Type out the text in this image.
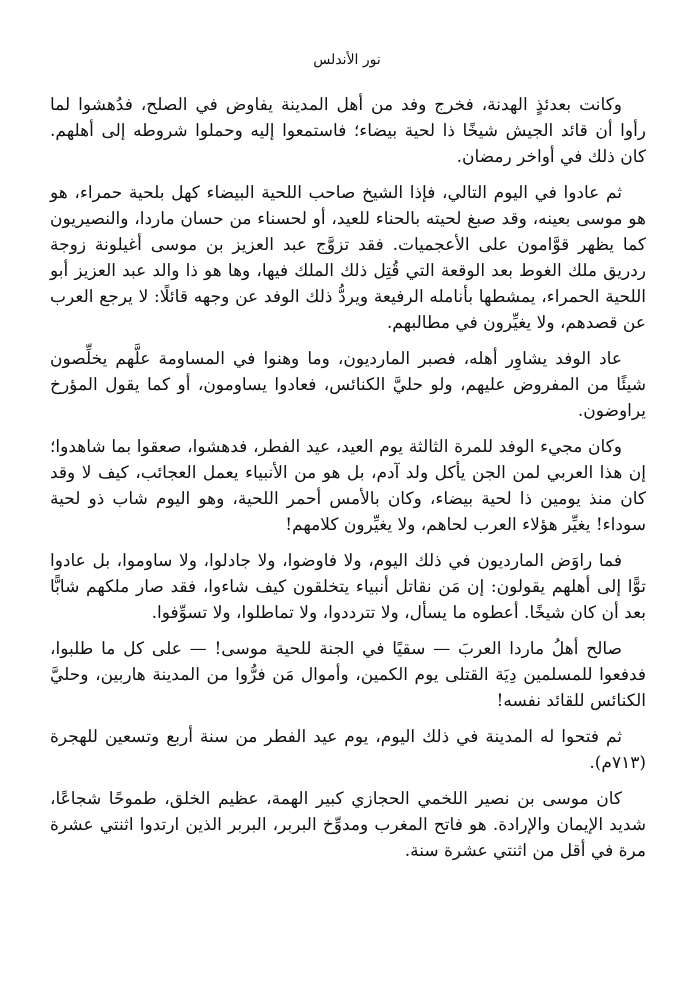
نور الأندلس

وكانت بعدئذٍ الهدنة، فخرج وفد من أهل المدينة يفاوض في الصلح، فدُهشوا لما رأوا أن قائد الجيش شيخًا ذا لحية بيضاء؛ فاستمعوا إليه وحملوا شروطه إلى أهلهم. كان ذلك في أواخر رمضان.

ثم عادوا في اليوم التالي، فإذا الشيخ صاحب اللحية البيضاء كهل بلحية حمراء، هو هو موسى بعينه، وقد صبغ لحيته بالحناء للعيد، أو لحسناء من حسان ماردا، والنصيريون كما يظهر قوَّامون على الأعجميات. فقد تزوَّج عبد العزيز بن موسى أغيلونة زوجة ردريق ملك الغوط بعد الوقعة التي قُتِل ذلك الملك فيها، وها هو ذا والد عبد العزيز أبو اللحية الحمراء، يمشطها بأنامله الرفيعة ويردُّ ذلك الوفد عن وجهه قائلًا: لا يرجع العرب عن قصدهم، ولا يغيِّرون في مطالبهم.

عاد الوفد يشاوِر أهله، فصبر المارديون، وما وهنوا في المساومة علَّهم يخلِّصون شيئًا من المفروض عليهم، ولو حليَّ الكنائس، فعادوا يساومون، أو كما يقول المؤرخ يراوضون.

وكان مجيء الوفد للمرة الثالثة يوم العيد، عيد الفطر، فدهشوا، صعقوا بما شاهدوا؛ إن هذا العربي لمن الجن يأكل ولد آدم، بل هو من الأنبياء يعمل العجائب، كيف لا وقد كان منذ يومين ذا لحية بيضاء، وكان بالأمس أحمر اللحية، وهو اليوم شاب ذو لحية سوداء! يغيِّر هؤلاء العرب لحاهم، ولا يغيِّرون كلامهم!

فما راوَض المارديون في ذلك اليوم، ولا فاوضوا، ولا جادلوا، ولا ساوموا، بل عادوا توًّا إلى أهلهم يقولون: إن مَن نقاتل أنبياء يتخلقون كيف شاءوا، فقد صار ملكهم شابًّا بعد أن كان شيخًا. أعطوه ما يسأل، ولا تترددوا، ولا تماطلوا، ولا تسوِّفوا.

صالح أهلُ ماردا العربَ — سقيًا في الجنة للحية موسى! — على كل ما طلبوا، فدفعوا للمسلمين دِيَة القتلى يوم الكمين، وأموال مَن فرُّوا من المدينة هاربين، وحليَّ الكنائس للقائد نفسه!

ثم فتحوا له المدينة في ذلك اليوم، يوم عيد الفطر من سنة أربع وتسعين للهجرة (٧١٣م).

كان موسى بن نصير اللخمي الحجازي كبير الهمة، عظيم الخلق، طموحًا شجاعًا، شديد الإيمان والإرادة. هو فاتح المغرب ومدوِّخ البربر، البربر الذين ارتدوا اثنتي عشرة مرة في أقل من اثنتي عشرة سنة.
